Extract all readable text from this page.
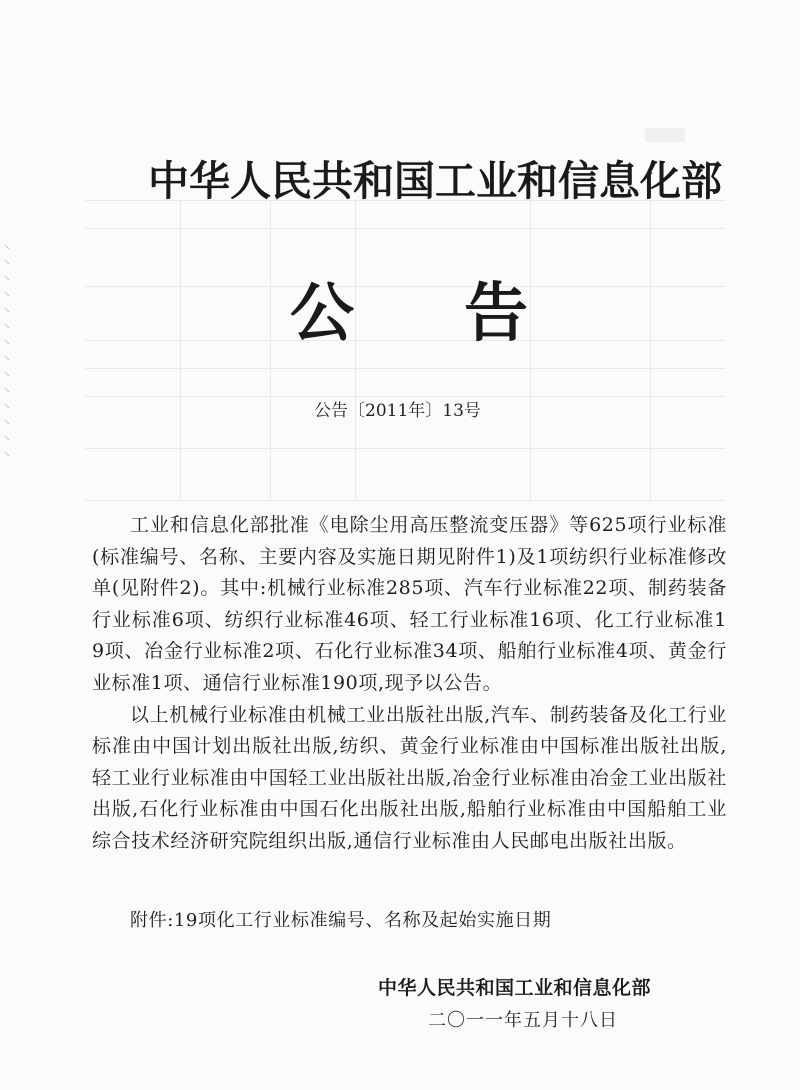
中华人民共和国工业和信息化部
公告
公告〔2011年〕13号

工业和信息化部批准《电除尘用高压整流变压器》等625项行业标准(标准编号、名称、主要内容及实施日期见附件1)及1项纺织行业标准修改单(见附件2)。其中:机械行业标准285项、汽车行业标准22项、制药装备行业标准6项、纺织行业标准46项、轻工行业标准16项、化工行业标准19项、冶金行业标准2项、石化行业标准34项、船舶行业标准4项、黄金行业标准1项、通信行业标准190项,现予以公告。

以上机械行业标准由机械工业出版社出版,汽车、制药装备及化工行业标准由中国计划出版社出版,纺织、黄金行业标准由中国标准出版社出版,轻工业行业标准由中国轻工业出版社出版,冶金行业标准由冶金工业出版社出版,石化行业标准由中国石化出版社出版,船舶行业标准由中国船舶工业综合技术经济研究院组织出版,通信行业标准由人民邮电出版社出版。

附件:19项化工行业标准编号、名称及起始实施日期
中华人民共和国工业和信息化部
二〇一一年五月十八日
